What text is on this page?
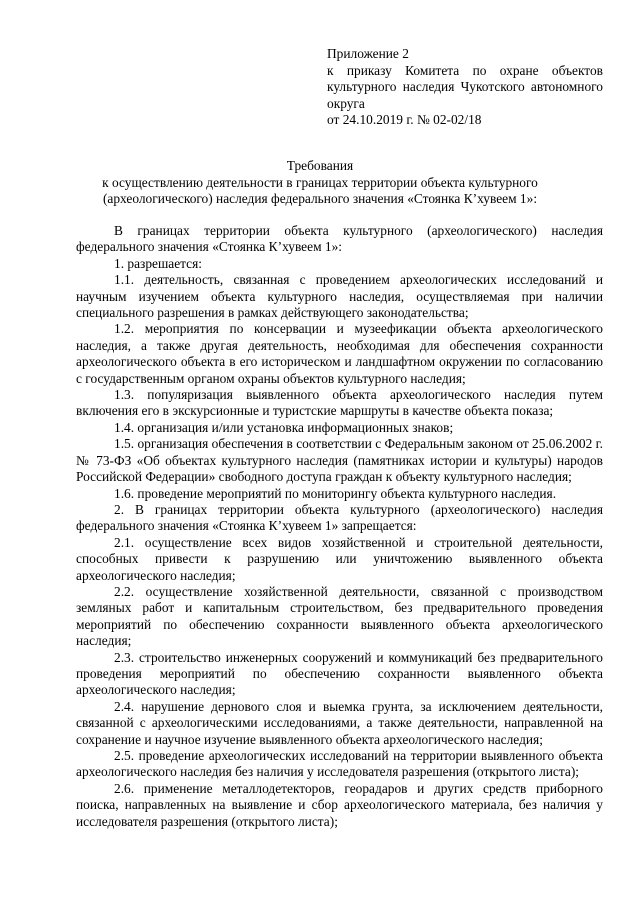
Приложение 2
к приказу Комитета по охране объектов
культурного наследия Чукотского автономного
округа
от 24.10.2019 г. № 02-02/18
Требования
к осуществлению деятельности в границах территории объекта культурного
(археологического) наследия федерального значения «Стоянка К’хувеем 1»:

В границах территории объекта культурного (археологического) наследия федерального значения «Стоянка К’хувеем 1»:

1. разрешается:

1.1. деятельность, связанная с проведением археологических исследований и научным изучением объекта культурного наследия, осуществляемая при наличии специального разрешения в рамках действующего законодательства;

1.2. мероприятия по консервации и музеефикации объекта археологического наследия, а также другая деятельность, необходимая для обеспечения сохранности археологического объекта в его историческом и ландшафтном окружении по согласованию с государственным органом охраны объектов культурного наследия;

1.3. популяризация выявленного объекта археологического наследия путем включения его в экскурсионные и туристские маршруты в качестве объекта показа;

1.4. организация и/или установка информационных знаков;

1.5. организация обеспечения в соответствии с Федеральным законом от 25.06.2002 г. № 73-ФЗ «Об объектах культурного наследия (памятниках истории и культуры) народов Российской Федерации» свободного доступа граждан к объекту культурного наследия;

1.6. проведение мероприятий по мониторингу объекта культурного наследия.

2. В границах территории объекта культурного (археологического) наследия федерального значения «Стоянка К’хувеем 1» запрещается:

2.1. осуществление всех видов хозяйственной и строительной деятельности, способных привести к разрушению или уничтожению выявленного объекта археологического наследия;

2.2. осуществление хозяйственной деятельности, связанной с производством земляных работ и капитальным строительством, без предварительного проведения мероприятий по обеспечению сохранности выявленного объекта археологического наследия;

2.3. строительство инженерных сооружений и коммуникаций без предварительного проведения мероприятий по обеспечению сохранности выявленного объекта археологического наследия;

2.4. нарушение дернового слоя и выемка грунта, за исключением деятельности, связанной с археологическими исследованиями, а также деятельности, направленной на сохранение и научное изучение выявленного объекта археологического наследия;

2.5. проведение археологических исследований на территории выявленного объекта археологического наследия без наличия у исследователя разрешения (открытого листа);

2.6. применение металлодетекторов, георадаров и других средств приборного поиска, направленных на выявление и сбор археологического материала, без наличия у исследователя разрешения (открытого листа);
